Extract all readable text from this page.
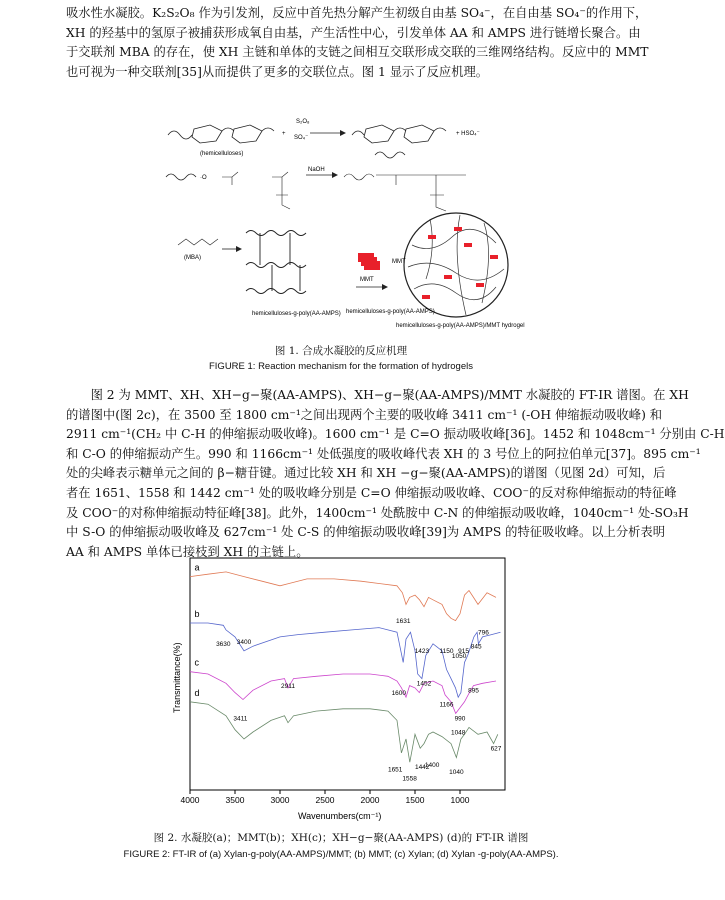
吸水性水凝胶。K₂S₂O₈ 作为引发剂，反应中首先热分解产生初级自由基 SO₄⁻，在自由基 SO₄⁻的作用下，
XH 的羟基中的氢原子被捕获形成氧自由基，产生活性中心，引发单体 AA 和 AMPS 进行链增长聚合。由
于交联剂 MBA 的存在，使 XH 主链和单体的支链之间相互交联形成交联的三维网络结构。反应中的 MMT
也可视为一种交联剂[35]从而提供了更多的交联位点。图 1 显示了反应机理。

(hemicelluloses)
+
S₂O₈
SO₄⁻
+ HSO₄⁻
·O
NaOH
(MBA)
hemicelluloses-g-poly(AA-AMPS)
MMT
MMT
hemicelluloses-g-poly(AA-AMPS)
hemicelluloses-g-poly(AA-AMPS)/MMT hydrogel

图 1. 合成水凝胶的反应机理

FIGURE 1: Reaction mechanism for the formation of hydrogels

　　图 2 为 MMT、XH、XH−g−聚(AA-AMPS)、XH−g−聚(AA-AMPS)/MMT 水凝胶的 FT-IR 谱图。在 XH
的谱图中(图 2c)，在 3500 至 1800 cm⁻¹之间出现两个主要的吸收峰 3411 cm⁻¹ (-OH 伸缩振动吸收峰) 和
2911 cm⁻¹(CH₂ 中 C-H 的伸缩振动吸收峰)。1600 cm⁻¹ 是 C=O 振动吸收峰[36]。1452 和 1048cm⁻¹ 分别由 C-H
和 C-O 的伸缩振动产生。990 和 1166cm⁻¹ 处低强度的吸收峰代表 XH 的 3 号位上的阿拉伯单元[37]。895 cm⁻¹
处的尖峰表示糖单元之间的 β−糖苷键。通过比较 XH 和 XH −g−聚(AA-AMPS)的谱图（见图 2d）可知，后
者在 1651、1558 和 1442 cm⁻¹ 处的吸收峰分别是 C=O 伸缩振动吸收峰、COO⁻的反对称伸缩振动的特征峰
及 COO⁻的对称伸缩振动特征峰[38]。此外，1400cm⁻¹ 处酰胺中 C-N 的伸缩振动吸收峰，1040cm⁻¹ 处-SO₃H
中 S-O 的伸缩振动吸收峰及 627cm⁻¹ 处 C-S 的伸缩振动吸收峰[39]为 AMPS 的特征吸收峰。以上分析表明
AA 和 AMPS 单体已接枝到 XH 的主链上。

Transmittance(%)
Wavenumbers(cm⁻¹)
4000	3500	3000	2500	2000	1500	1000
a
b
c
d
3630 3400
1631
1423 1150 915
1050
845
796
1452
1600
1166
895
990
1048
3411
2911
1651
1558
1442
1400
1040
627

图 2. 水凝胶(a)；MMT(b)；XH(c)；XH−g−聚(AA-AMPS) (d)的 FT-IR 谱图

FIGURE 2: FT-IR of (a) Xylan-g-poly(AA-AMPS)/MMT; (b) MMT; (c) Xylan; (d) Xylan -g-poly(AA-AMPS).
